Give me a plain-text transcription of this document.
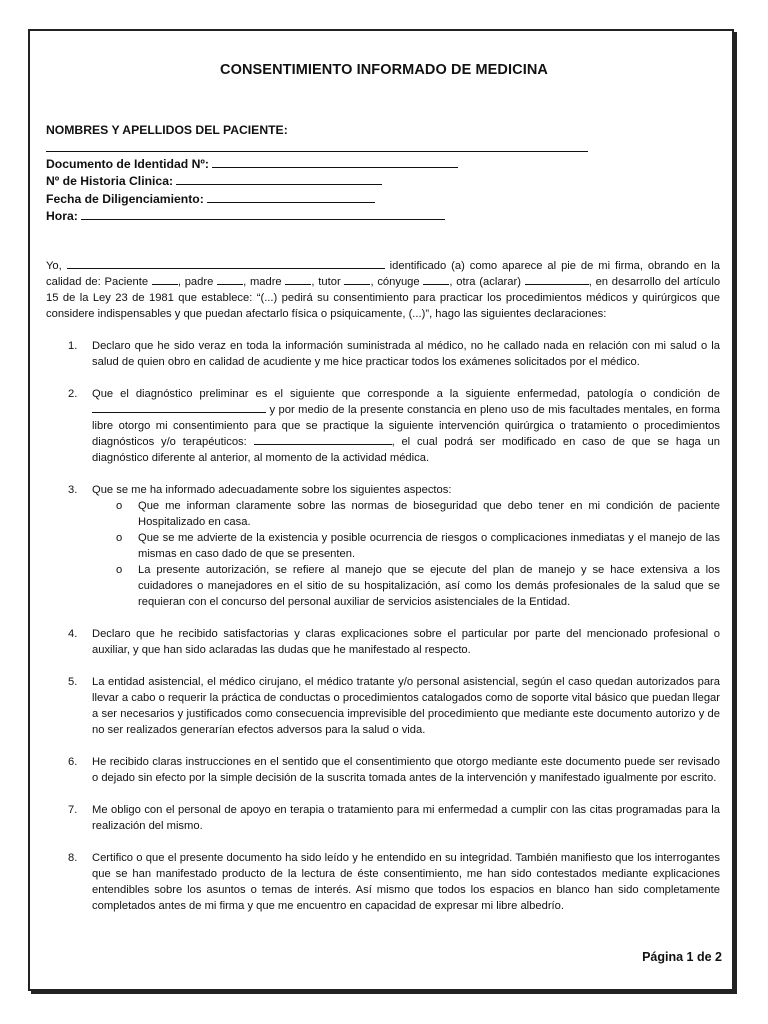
CONSENTIMIENTO INFORMADO DE MEDICINA
NOMBRES Y APELLIDOS DEL PACIENTE:
Documento de Identidad Nº:
Nº de Historia Clinica:
Fecha de Diligenciamiento:
Hora:
Yo,	identificado (a) como aparece al pie de mi firma, obrando en la calidad de: Paciente	, padre	, madre	, tutor	, cónyuge	, otra (aclarar)	, en desarrollo del artículo 15 de la Ley 23 de 1981 que establece: “(...) pedirá su consentimiento para practicar los procedimientos médicos y quirúrgicos que considere indispensables y que puedan afectarlo física o psiquicamente, (...)”, hago las siguientes declaraciones:
1. Declaro que he sido veraz en toda la información suministrada al médico, no he callado nada en relación con mi salud o la salud de quien obro en calidad de acudiente y me hice practicar todos los exámenes solicitados por el médico.
2. Que el diagnóstico preliminar es el siguiente que corresponde a la siguiente enfermedad, patología o condición de  y por medio de la presente constancia en pleno uso de mis facultades mentales, en forma libre otorgo mi consentimiento para que se practique la siguiente intervención quirúrgica o tratamiento o procedimientos diagnósticos y/o terapéuticos:	, el cual podrá ser modificado en caso de que se haga un diagnóstico diferente al anterior, al momento de la actividad médica.
3. Que se me ha informado adecuadamente sobre los siguientes aspectos:
o Que me informan claramente sobre las normas de bioseguridad que debo tener en mi condición de paciente Hospitalizado en casa.
o Que se me advierte de la existencia y posible ocurrencia de riesgos o complicaciones inmediatas y el manejo de las mismas en caso dado de que se presenten.
o La presente autorización, se refiere al manejo que se ejecute del plan de manejo y se hace extensiva a los cuidadores o manejadores en el sitio de su hospitalización, así como los demás profesionales de la salud que se requieran con el concurso del personal auxiliar de servicios asistenciales de la Entidad.
4. Declaro que he recibido satisfactorias y claras explicaciones sobre el particular por parte del mencionado profesional o auxiliar, y que han sido aclaradas las dudas que he manifestado al respecto.
5. La entidad asistencial, el médico cirujano, el médico tratante y/o personal asistencial, según el caso quedan autorizados para llevar a cabo o requerir la práctica de conductas o procedimientos catalogados como de soporte vital básico que puedan llegar a ser necesarios y justificados como consecuencia imprevisible del procedimiento que mediante este documento autorizo y de no ser realizados generarían efectos adversos para la salud o vida.
6. He recibido claras instrucciones en el sentido que el consentimiento que otorgo mediante este documento puede ser revisado o dejado sin efecto por la simple decisión de la suscrita tomada antes de la intervención y manifestado igualmente por escrito.
7. Me obligo con el personal de apoyo en terapia o tratamiento para mi enfermedad a cumplir con las citas programadas para la realización del mismo.
8. Certifico o que el presente documento ha sido leído y he entendido en su integridad. También manifiesto que los interrogantes que se han manifestado producto de la lectura de éste consentimiento, me han sido contestados mediante explicaciones entendibles sobre los asuntos o temas de interés. Así mismo que todos los espacios en blanco han sido completamente completados antes de mi firma y que me encuentro en capacidad de expresar mi libre albedrío.
Página 1 de 2
